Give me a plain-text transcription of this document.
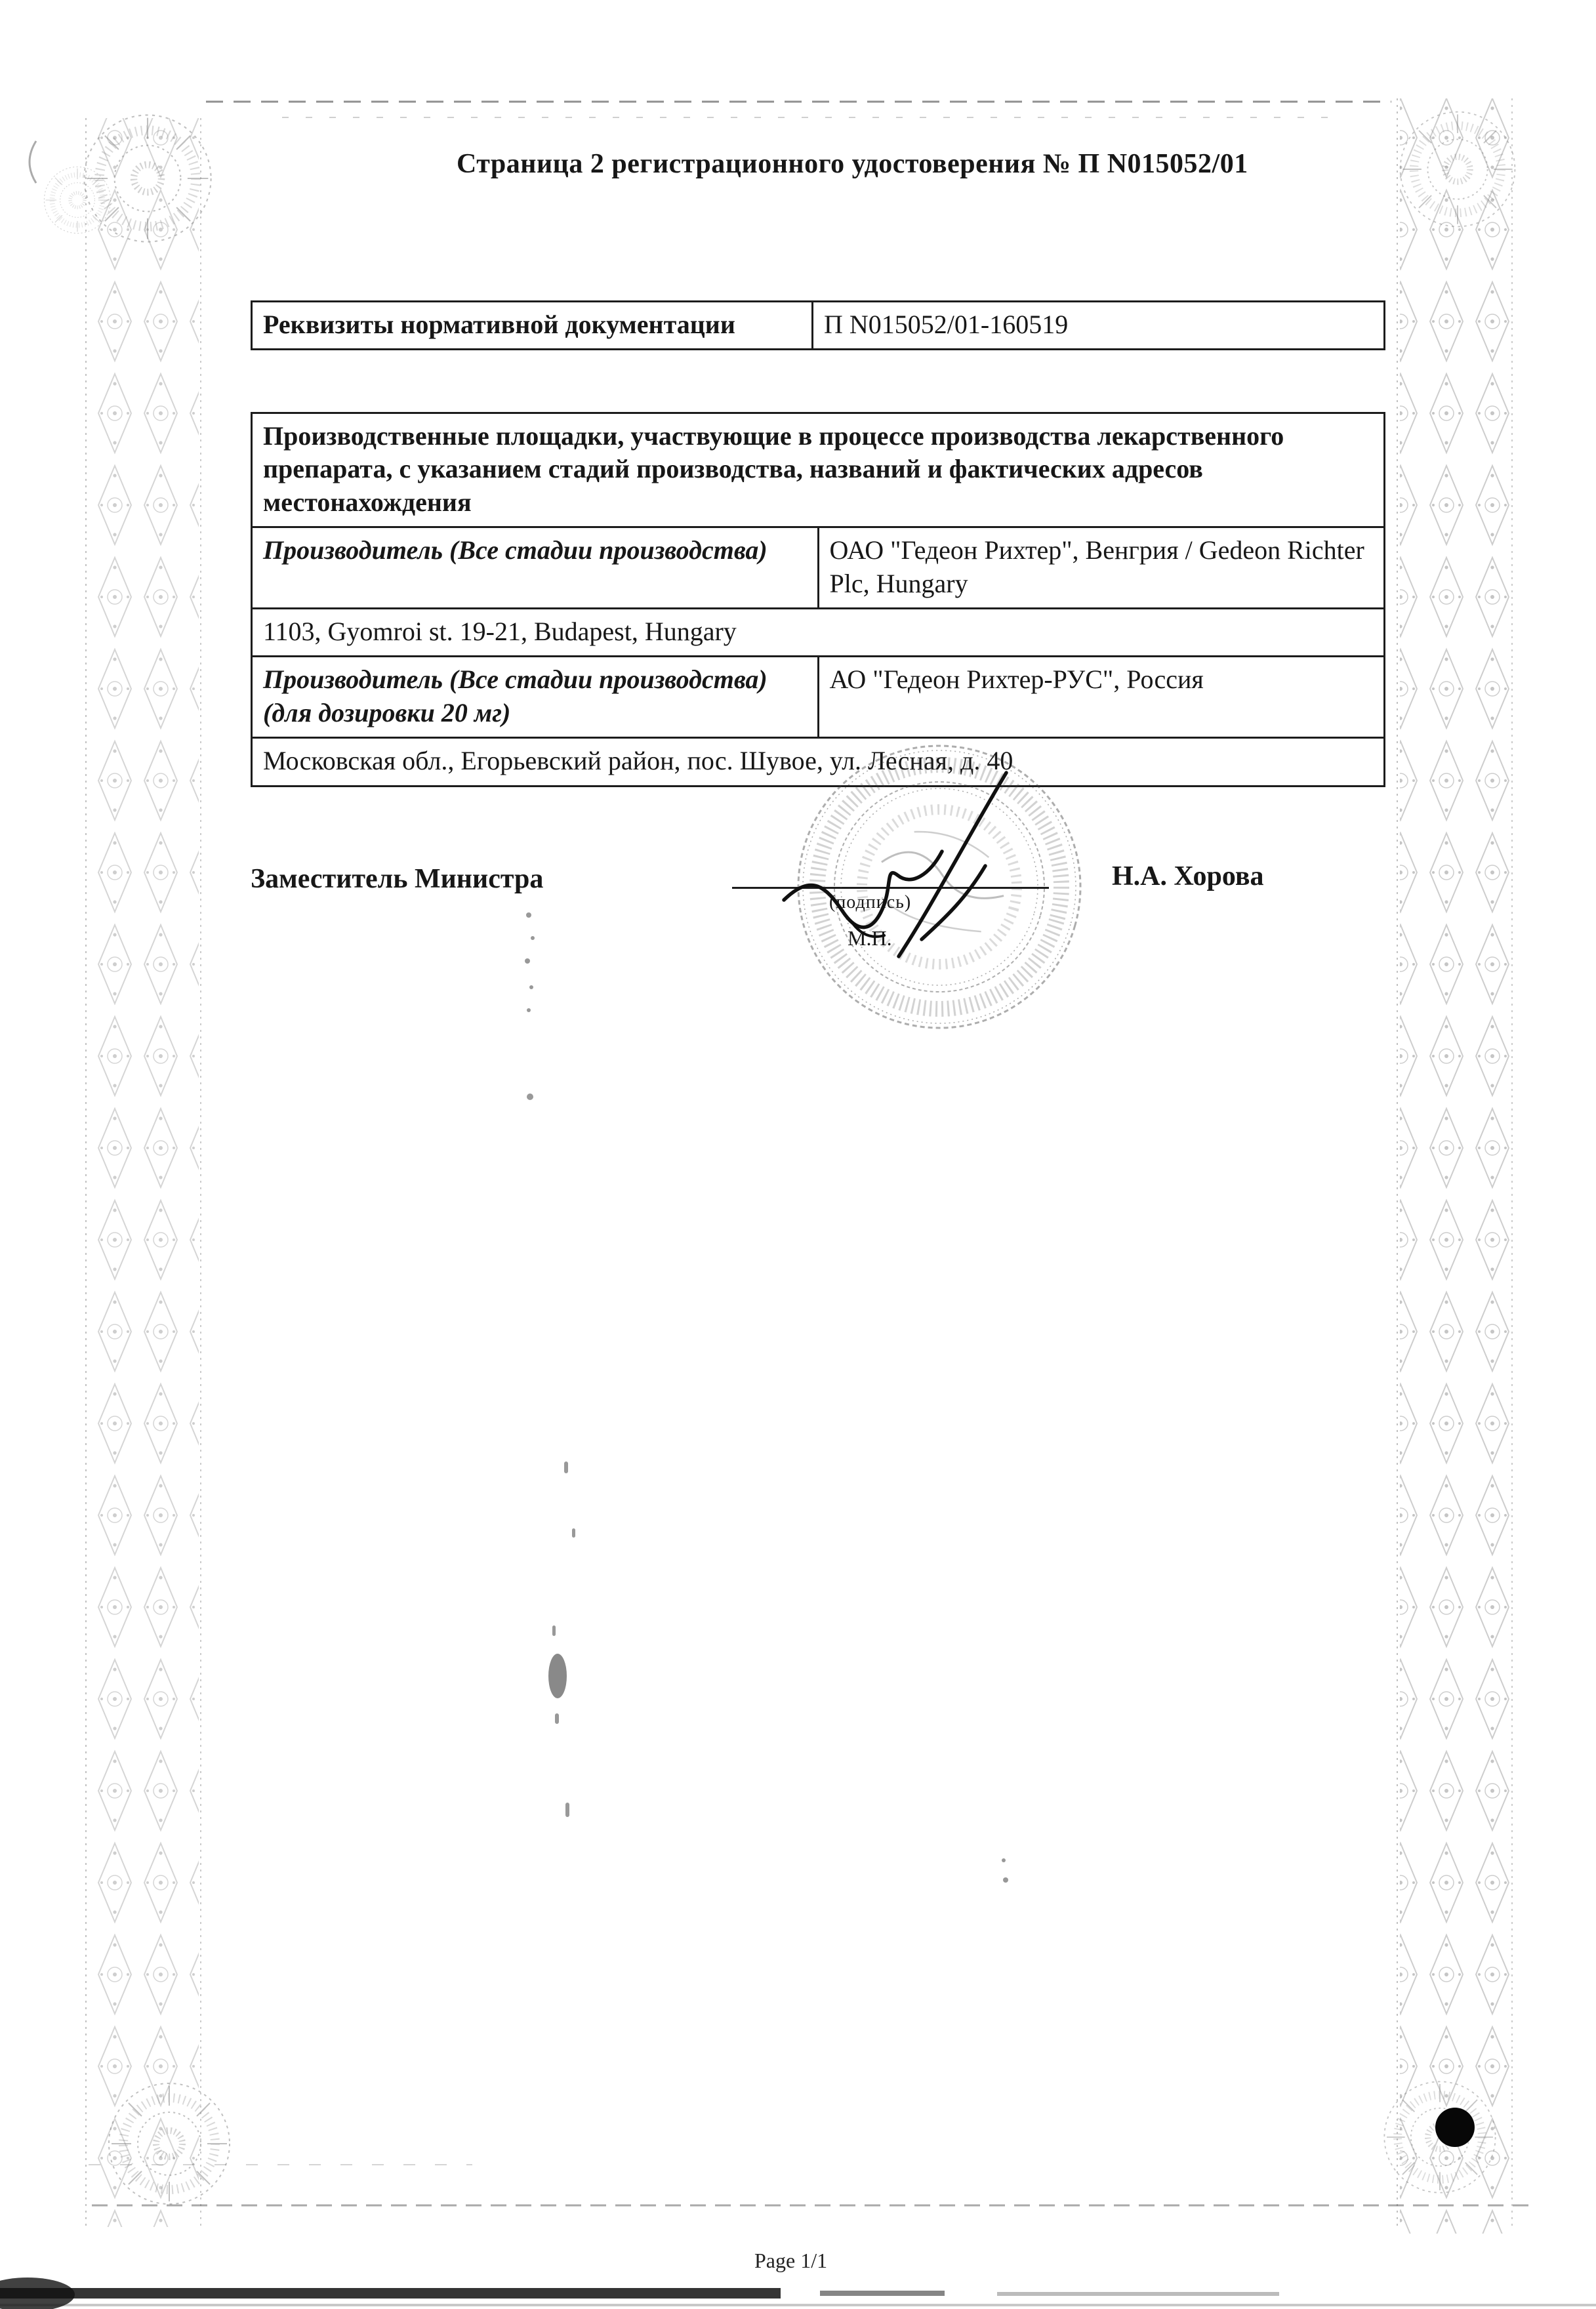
Страница 2 регистрационного удостоверения № П N015052/01
Реквизиты нормативной документации	П N015052/01-160519
Производственные площадки, участвующие в процессе производства лекарственного препарата, с указанием стадий производства, названий и фактических адресов местонахождения	
Производитель (Все стадии производства)	ОАО "Гедеон Рихтер", Венгрия / Gedeon Richter Plc, Hungary
1103, Gyomroi st. 19-21, Budapest, Hungary	
Производитель (Все стадии производства) (для дозировки 20 мг)	АО "Гедеон Рихтер-РУС", Россия
Московская обл., Егорьевский район, пос. Шувое, ул. Лесная, д. 40	
Заместитель Министра
(подпись)
М.П.
Н.А. Хорова
Page 1/1
